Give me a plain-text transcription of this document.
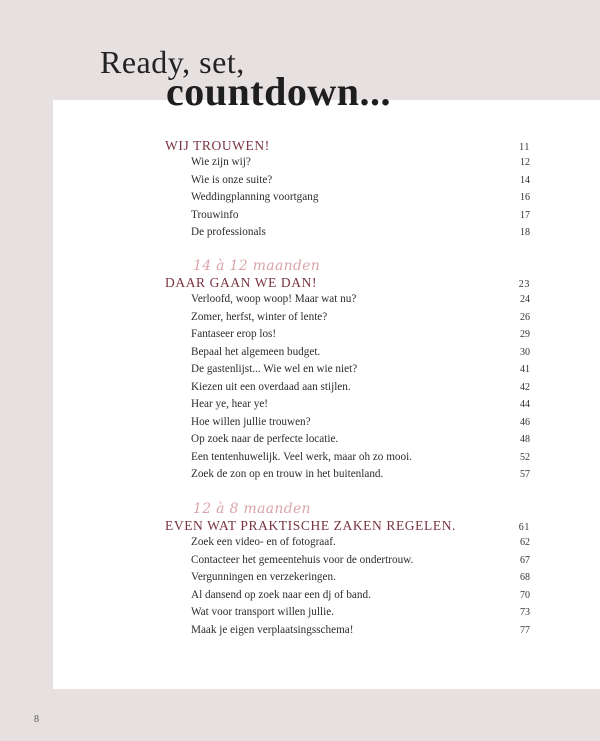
Ready, set,
countdown...
WIJ TROUWEN!	11
Wie zijn wij?	12
Wie is onze suite?	14
Weddingplanning voortgang	16
Trouwinfo	17
De professionals	18
14 à 12 maanden
DAAR GAAN WE DAN!	23
Verloofd, woop woop! Maar wat nu?	24
Zomer, herfst, winter of lente?	26
Fantaseer erop los!	29
Bepaal het algemeen budget.	30
De gastenlijst... Wie wel en wie niet?	41
Kiezen uit een overdaad aan stijlen.	42
Hear ye, hear ye!	44
Hoe willen jullie trouwen?	46
Op zoek naar de perfecte locatie.	48
Een tentenhuwelijk. Veel werk, maar oh zo mooi.	52
Zoek de zon op en trouw in het buitenland.	57
12 à 8 maanden
EVEN WAT PRAKTISCHE ZAKEN REGELEN.	61
Zoek een video- en of fotograaf.	62
Contacteer het gemeentehuis voor de ondertrouw.	67
Vergunningen en verzekeringen.	68
Al dansend op zoek naar een dj of band.	70
Wat voor transport willen jullie.	73
Maak je eigen verplaatsingsschema!	77
8
